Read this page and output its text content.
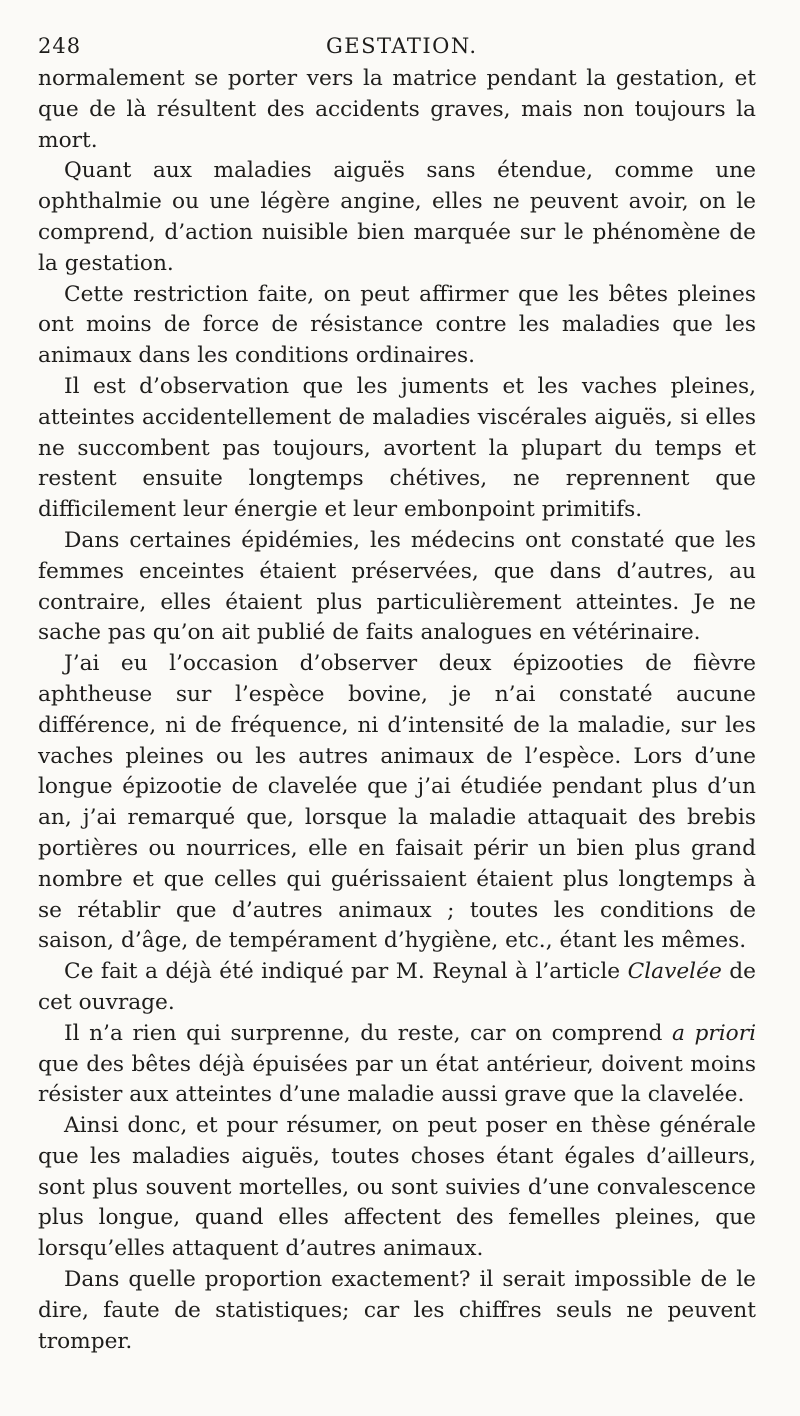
248	GESTATION.

normalement se porter vers la matrice pendant la gestation, et que de là résultent des accidents graves, mais non toujours la mort.

Quant aux maladies aiguës sans étendue, comme une ophthalmie ou une légère angine, elles ne peuvent avoir, on le comprend, d’action nuisible bien marquée sur le phénomène de la gestation.

Cette restriction faite, on peut affirmer que les bêtes pleines ont moins de force de résistance contre les maladies que les animaux dans les conditions ordinaires.

Il est d’observation que les juments et les vaches pleines, atteintes accidentellement de maladies viscérales aiguës, si elles ne succombent pas toujours, avortent la plupart du temps et restent ensuite longtemps chétives, ne reprennent que difficilement leur énergie et leur embonpoint primitifs.

Dans certaines épidémies, les médecins ont constaté que les femmes enceintes étaient préservées, que dans d’autres, au contraire, elles étaient plus particulièrement atteintes. Je ne sache pas qu’on ait publié de faits analogues en vétérinaire.

J’ai eu l’occasion d’observer deux épizooties de fièvre aphtheuse sur l’espèce bovine, je n’ai constaté aucune différence, ni de fréquence, ni d’intensité de la maladie, sur les vaches pleines ou les autres animaux de l’espèce. Lors d’une longue épizootie de clavelée que j’ai étudiée pendant plus d’un an, j’ai remarqué que, lorsque la maladie attaquait des brebis portières ou nourrices, elle en faisait périr un bien plus grand nombre et que celles qui guérissaient étaient plus longtemps à se rétablir que d’autres animaux ; toutes les conditions de saison, d’âge, de tempérament d’hygiène, etc., étant les mêmes.

Ce fait a déjà été indiqué par M. Reynal à l’article Clavelée de cet ouvrage.

Il n’a rien qui surprenne, du reste, car on comprend a priori que des bêtes déjà épuisées par un état antérieur, doivent moins résister aux atteintes d’une maladie aussi grave que la clavelée.

Ainsi donc, et pour résumer, on peut poser en thèse générale que les maladies aiguës, toutes choses étant égales d’ailleurs, sont plus souvent mortelles, ou sont suivies d’une convalescence plus longue, quand elles affectent des femelles pleines, que lorsqu’elles attaquent d’autres animaux.

Dans quelle proportion exactement? il serait impossible de le dire, faute de statistiques; car les chiffres seuls ne peuvent tromper.
